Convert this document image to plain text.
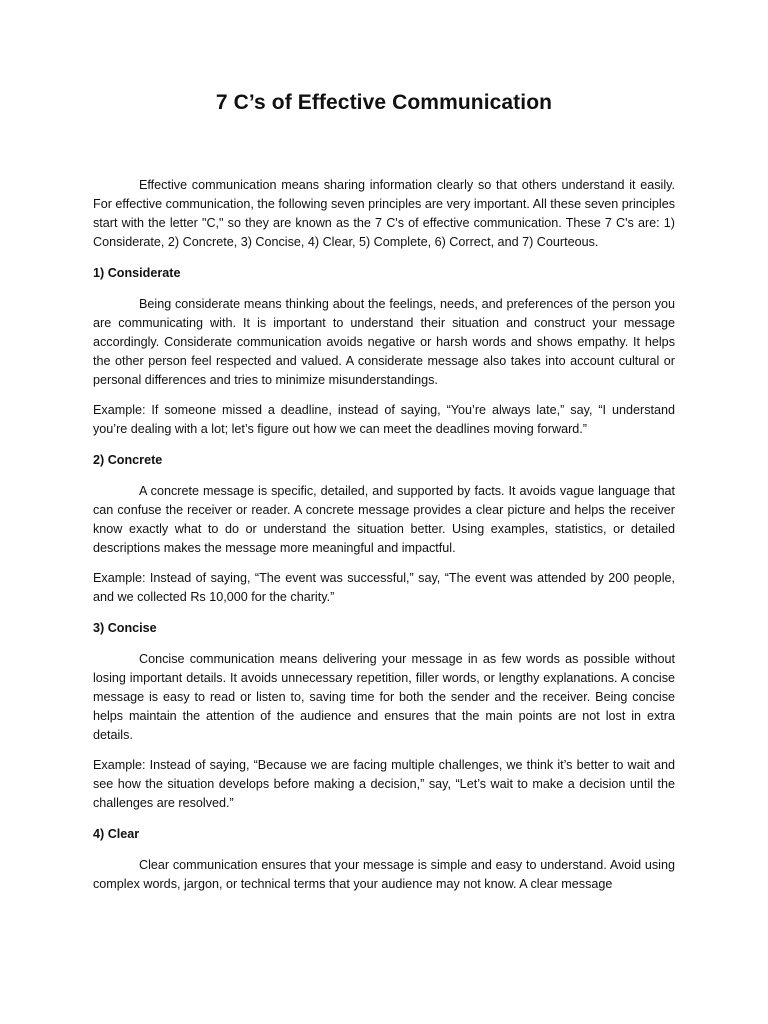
7 C’s of Effective Communication

Effective communication means sharing information clearly so that others understand it easily. For effective communication, the following seven principles are very important. All these seven principles start with the letter "C," so they are known as the 7 C's of effective communication. These 7 C's are: 1) Considerate, 2) Concrete, 3) Concise, 4) Clear, 5) Complete, 6) Correct, and 7) Courteous.

1) Considerate

Being considerate means thinking about the feelings, needs, and preferences of the person you are communicating with. It is important to understand their situation and construct your message accordingly. Considerate communication avoids negative or harsh words and shows empathy. It helps the other person feel respected and valued. A considerate message also takes into account cultural or personal differences and tries to minimize misunderstandings.

Example: If someone missed a deadline, instead of saying, “You’re always late,” say, “I understand you’re dealing with a lot; let’s figure out how we can meet the deadlines moving forward.”

2) Concrete

A concrete message is specific, detailed, and supported by facts. It avoids vague language that can confuse the receiver or reader. A concrete message provides a clear picture and helps the receiver know exactly what to do or understand the situation better. Using examples, statistics, or detailed descriptions makes the message more meaningful and impactful.

Example: Instead of saying, “The event was successful,” say, “The event was attended by 200 people, and we collected Rs 10,000 for the charity.”

3) Concise

Concise communication means delivering your message in as few words as possible without losing important details. It avoids unnecessary repetition, filler words, or lengthy explanations. A concise message is easy to read or listen to, saving time for both the sender and the receiver. Being concise helps maintain the attention of the audience and ensures that the main points are not lost in extra details.

Example: Instead of saying, “Because we are facing multiple challenges, we think it’s better to wait and see how the situation develops before making a decision,” say, “Let’s wait to make a decision until the challenges are resolved.”

4) Clear

Clear communication ensures that your message is simple and easy to understand. Avoid using complex words, jargon, or technical terms that your audience may not know. A clear message
